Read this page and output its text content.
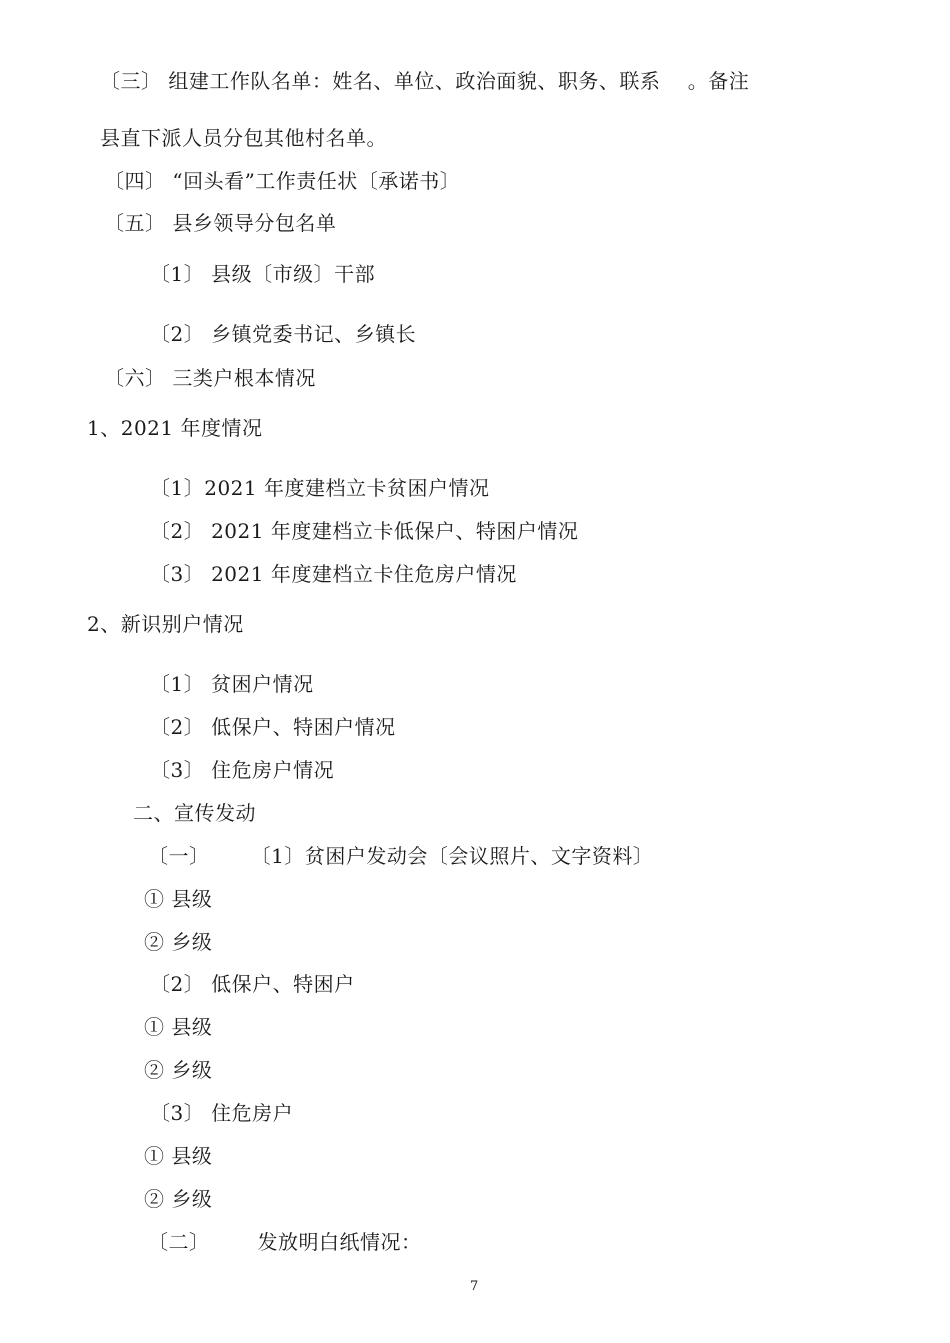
〔三〕 组建工作队名单：姓名、单位、政治面貌、职务、联系    。备注
县直下派人员分包其他村名单。
〔四〕 “回头看”工作责任状〔承诺书〕
〔五〕 县乡领导分包名单
〔1〕 县级〔市级〕干部
〔2〕 乡镇党委书记、乡镇长
〔六〕 三类户根本情况
1、2021 年度情况
〔1〕2021 年度建档立卡贫困户情况
〔2〕 2021 年度建档立卡低保户、特困户情况
〔3〕 2021 年度建档立卡住危房户情况
2、新识别户情况
〔1〕 贫困户情况
〔2〕 低保户、特困户情况
〔3〕 住危房户情况
二、宣传发动
〔一〕      〔1〕贫困户发动会〔会议照片、文字资料〕
① 县级
② 乡级
〔2〕 低保户、特困户
① 县级
② 乡级
〔3〕 住危房户
① 县级
② 乡级
〔二〕       发放明白纸情况：
7
